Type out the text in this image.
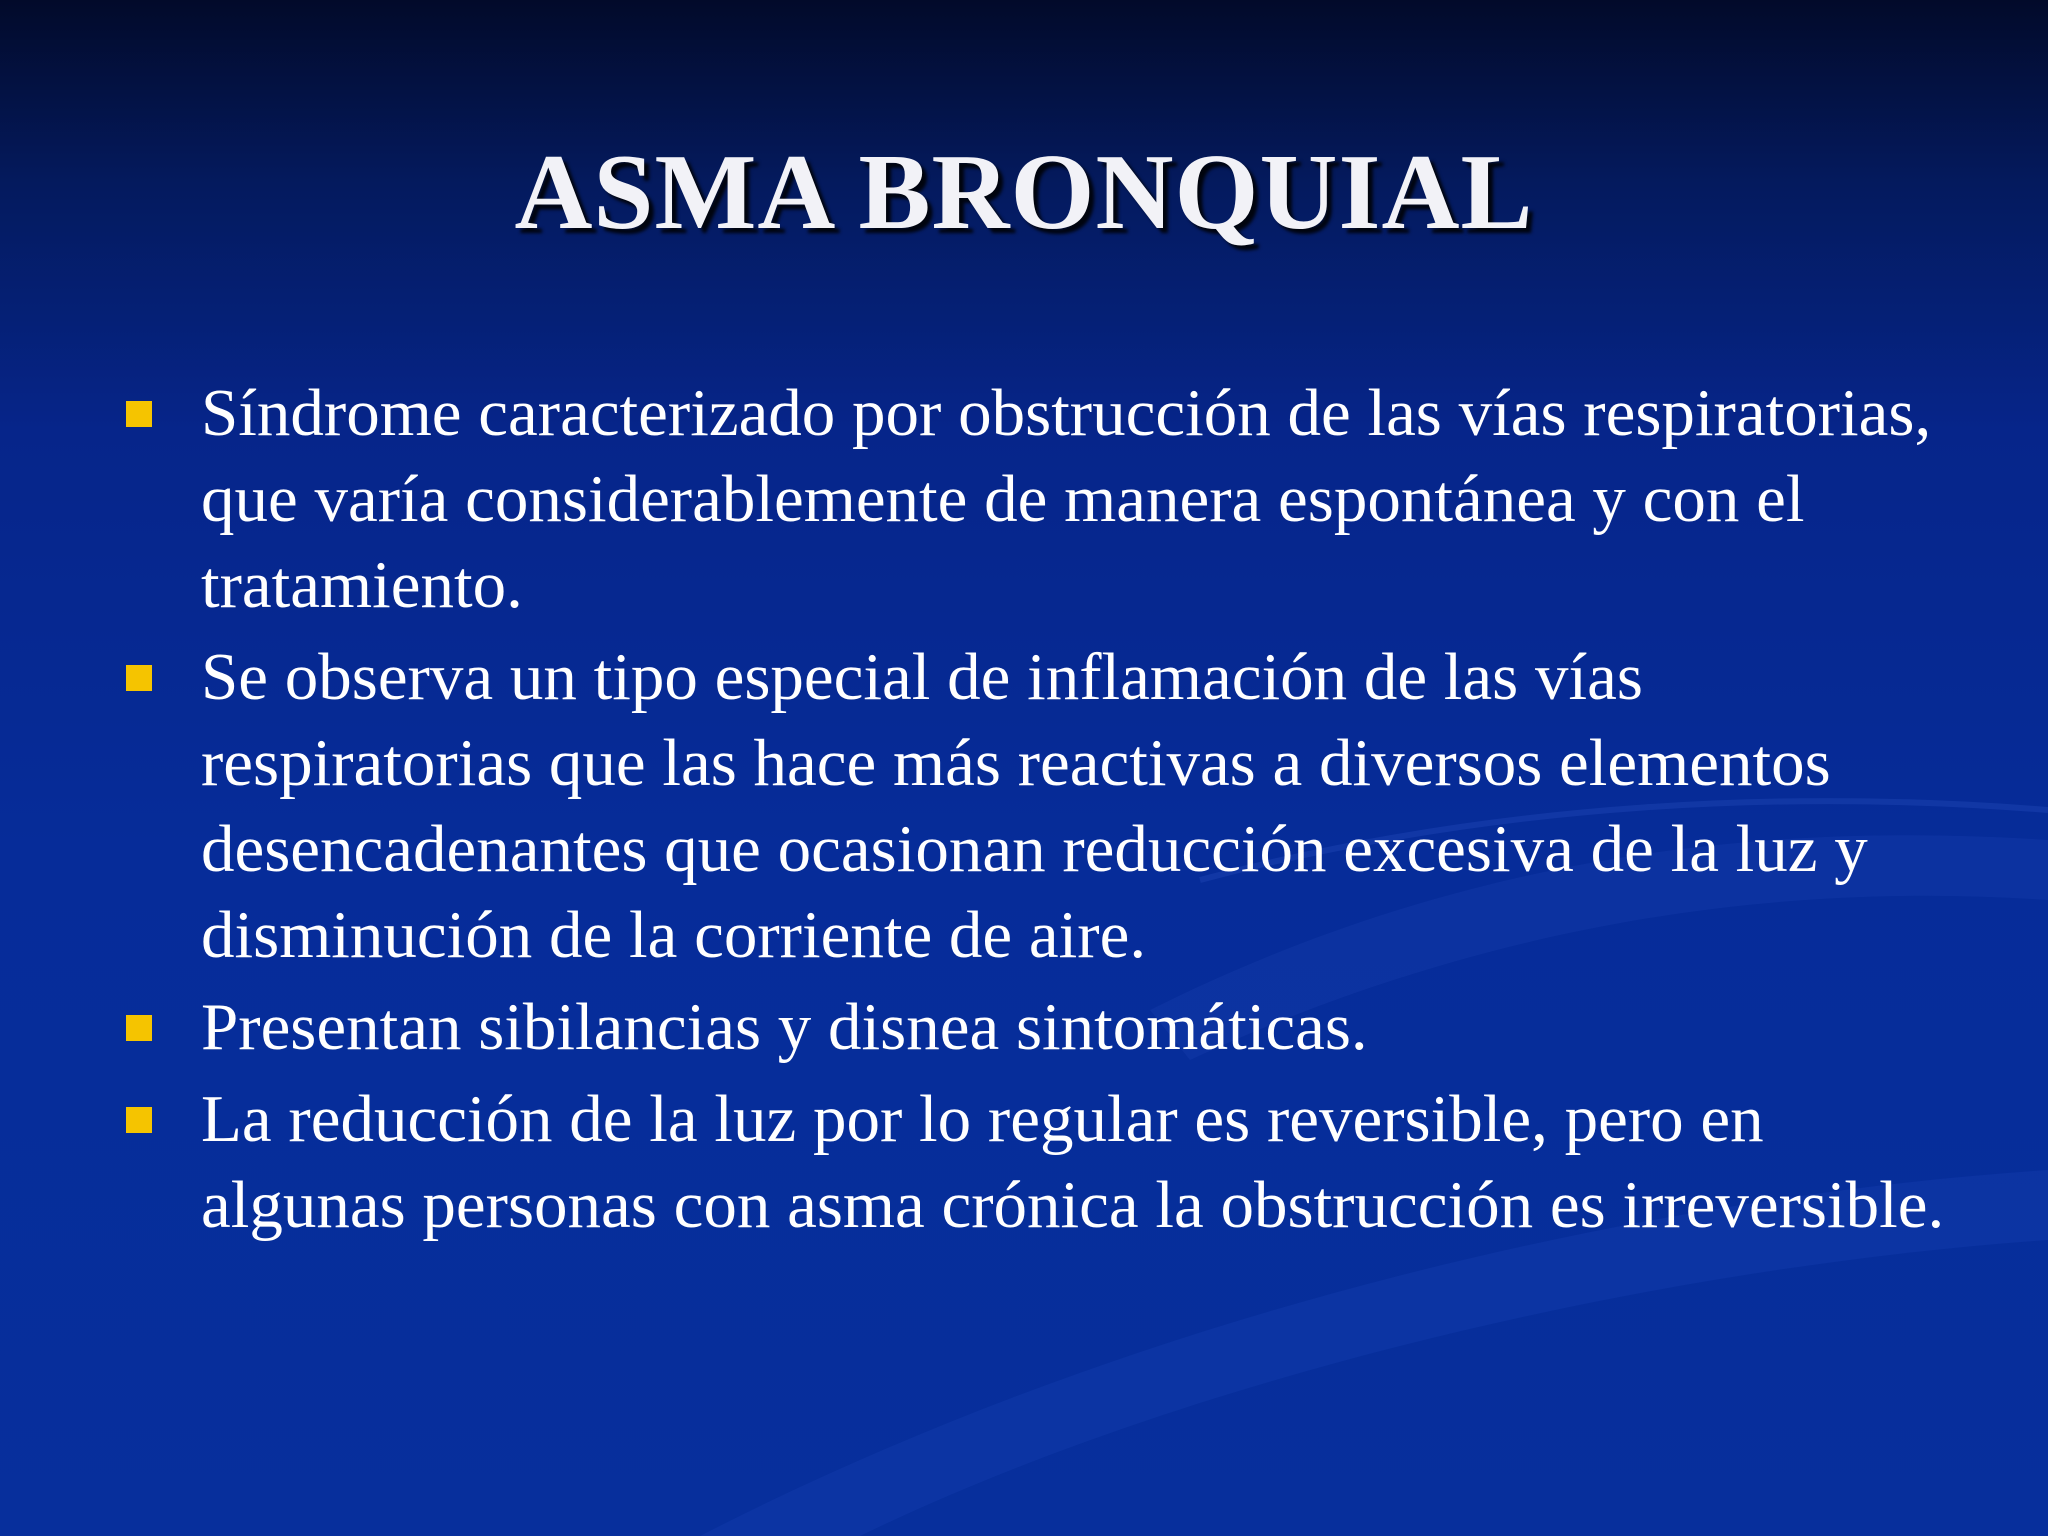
ASMA BRONQUIAL
Síndrome caracterizado por obstrucción de las vías respiratorias, que varía considerablemente de manera espontánea y con el tratamiento.
Se observa un tipo especial de inflamación de las vías respiratorias que las hace más reactivas a diversos elementos desencadenantes que ocasionan reducción excesiva de la luz y disminución de la corriente de aire.
Presentan sibilancias y disnea sintomáticas.
La reducción de la luz por lo regular es reversible, pero en algunas personas con asma crónica la obstrucción es irreversible.
